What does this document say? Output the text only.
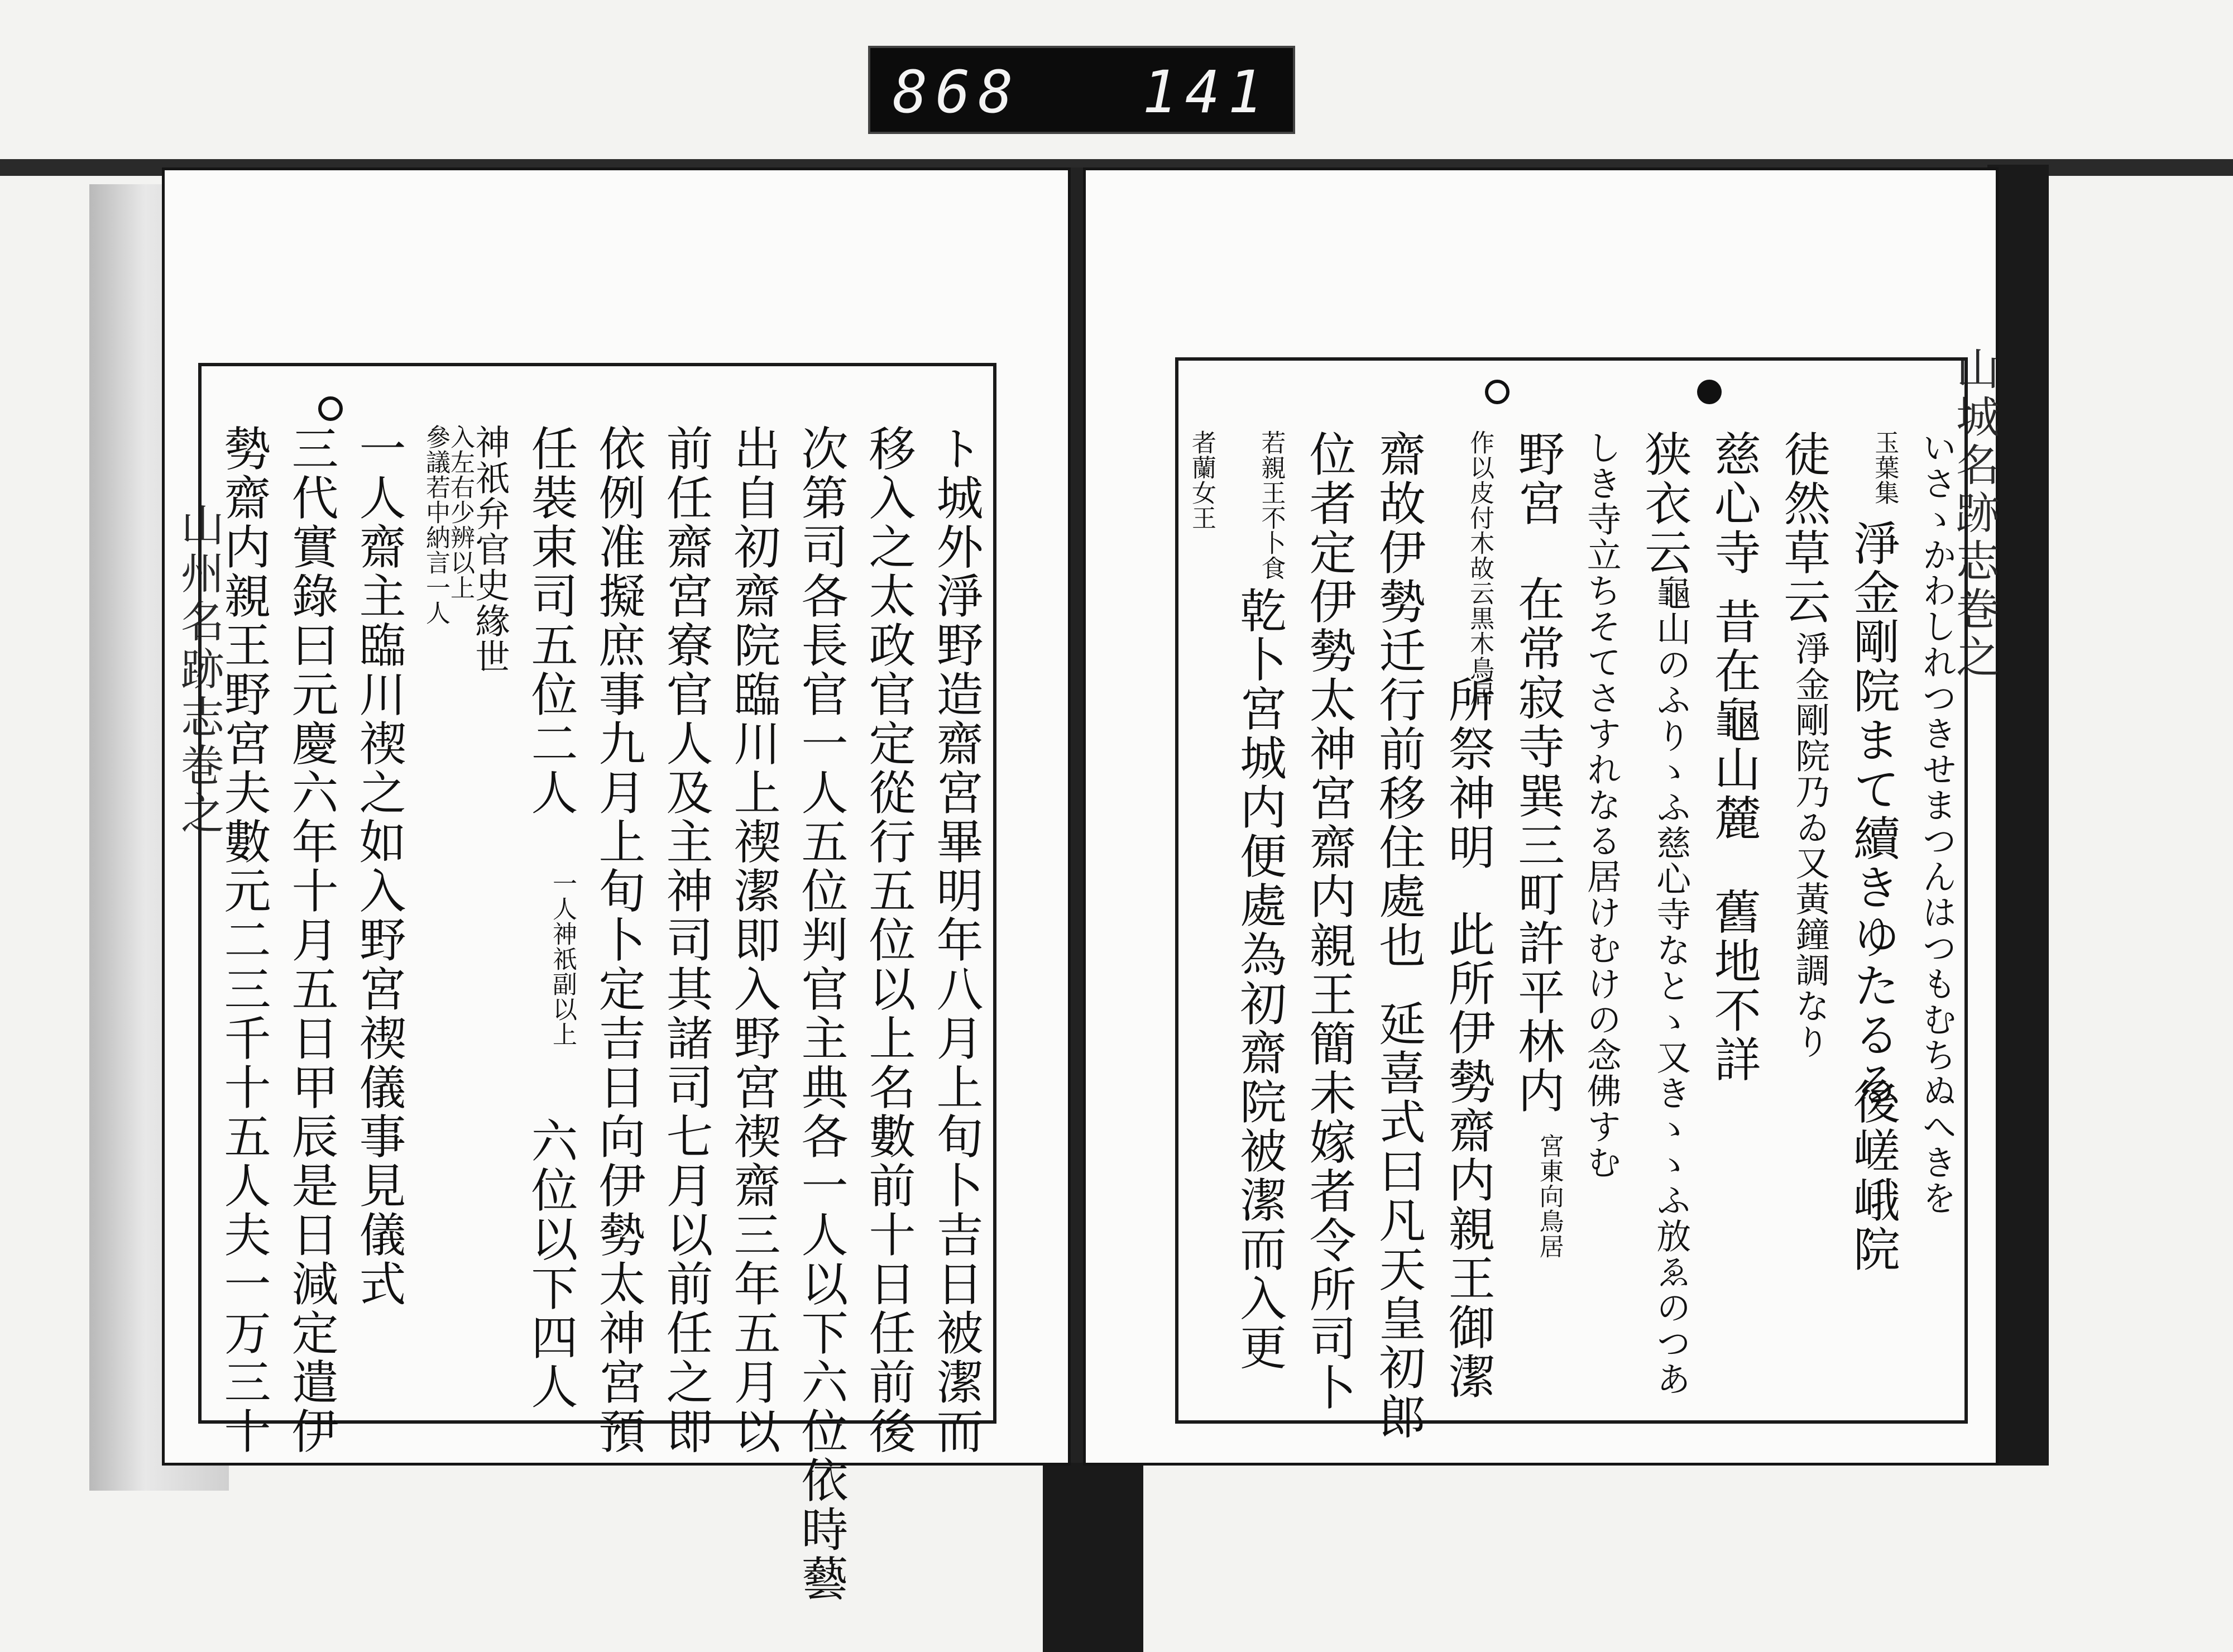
868 141
山州名跡志巻之	ト城外淨野造齋宮畢明年八月上旬卜吉日被潔而
移入之太政官定從行五位以上名數前十日任前後
次第司各長官一人五位判官主典各一人以下六位依時藝
出自初齋院臨川上禊潔即入野宮禊齋三年五月以
前任齋宮寮官人及主神司其諸司七月以前任之即
依例准擬庶事九月上旬卜定吉日向伊勢太神宮預
任裝束司五位二人
一人神祇副以上
六位以下四人
神祇弁官史緣世
入左右少辨以上
參議若中納言一人
一人齋主臨川禊之如入野宮禊儀事見儀式
三代實錄曰元慶六年十月五日甲辰是日減定遣伊
勢齋内親王野宮夫數元二三千十五人夫一万三十	山城名跡志巻之
いさゝかわしれつきせまつんはつもむちぬへきを
玉葉集
淨金剛院まて續きゆたるる
後嵯峨院
徒然草云
淨金剛院乃ゐ又黃鐘調なり
慈心寺
昔在龜山麓
舊地不詳
狭衣云
龜山のふりゝふ慈心寺なとゝ又きゝゝふ放ゑのつあ
しき寺立ちそてさすれなる居けむけの念佛すむ
野宮
在常寂寺巽三町許平林内
宮東向鳥居
作以皮付木故云黒木鳥居
所祭神明
此所伊勢齋内親王御潔
齋故伊勢迁行前移住處也
延喜式曰凡天皇初郎
位者定伊勢太神宮齋内親王簡未嫁者令所司卜
若親王不卜食
乾卜宮城内便處為初齋院被潔而入更
者蘭女王
